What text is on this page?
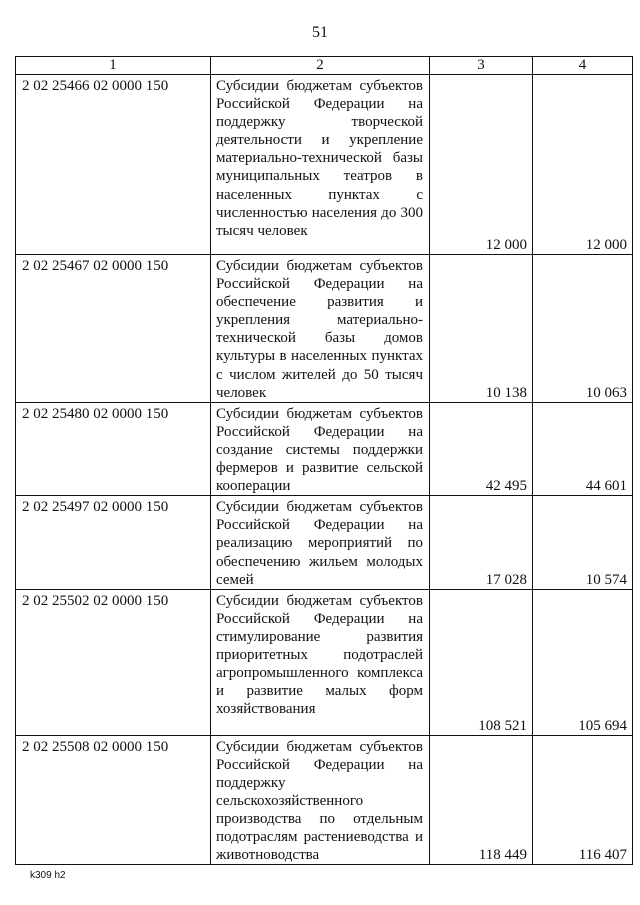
51
1	2	3	4
2 02 25466 02 0000 150	Субсидии бюджетам субъектов Российской Федерации на поддержку творческой деятельности и укрепление материально-технической базы муниципальных театров в населенных пунктах с численностью населения до 300 тысяч человек	12 000	12 000
2 02 25467 02 0000 150	Субсидии бюджетам субъектов Российской Федерации на обеспечение развития и укрепления материально-технической базы домов культуры в населенных пунктах с числом жителей до 50 тысяч человек	10 138	10 063
2 02 25480 02 0000 150	Субсидии бюджетам субъектов Российской Федерации на создание системы поддержки фермеров и развитие сельской кооперации	42 495	44 601
2 02 25497 02 0000 150	Субсидии бюджетам субъектов Российской Федерации на реализацию мероприятий по обеспечению жильем молодых семей	17 028	10 574
2 02 25502 02 0000 150	Субсидии бюджетам субъектов Российской Федерации на стимулирование развития приоритетных подотраслей агропромышленного комплекса и развитие малых форм хозяйствования	108 521	105 694
2 02 25508 02 0000 150	Субсидии бюджетам субъектов Российской Федерации на поддержку сельскохозяйственного производства по отдельным подотраслям растениеводства и животноводства	118 449	116 407
k309 h2
